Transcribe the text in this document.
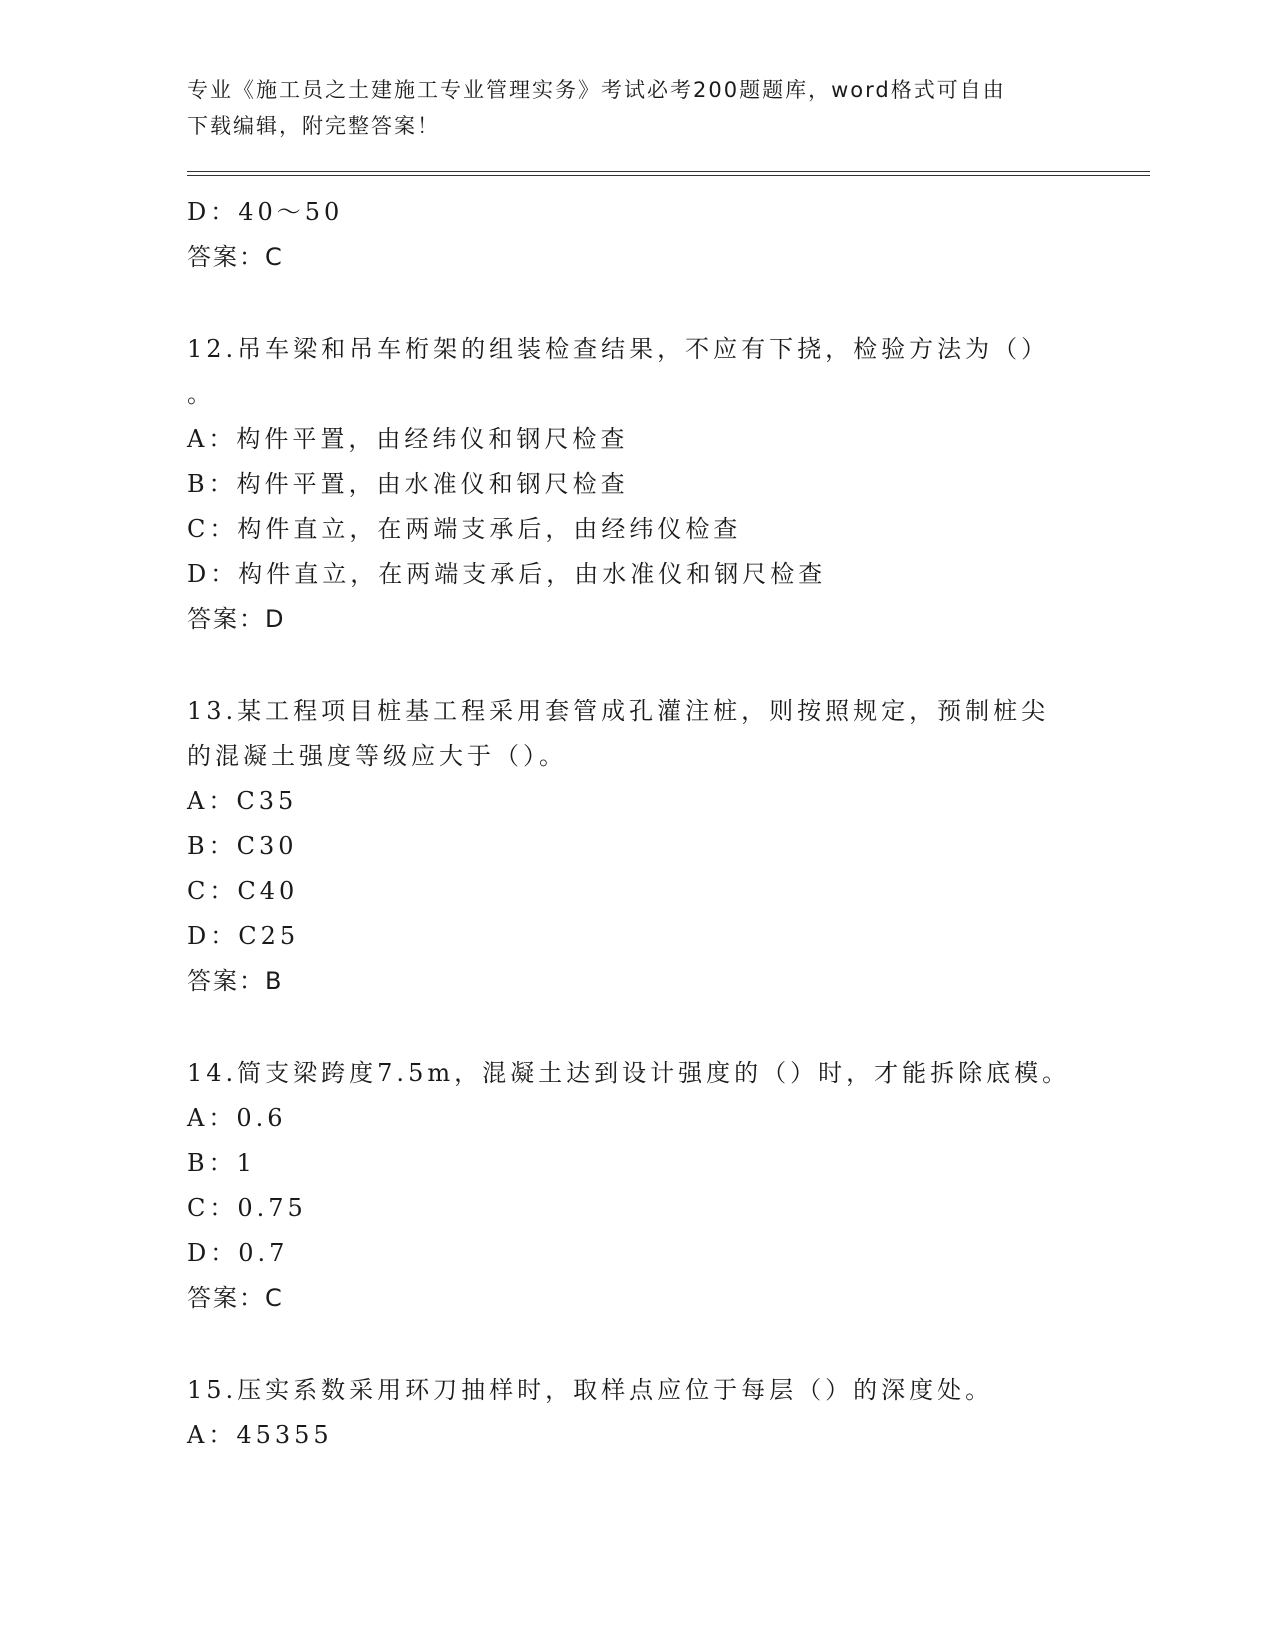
专业《施工员之土建施工专业管理实务》考试必考200题题库，word格式可自由
下载编辑，附完整答案！
D：40～50
答案：C
12.吊车梁和吊车桁架的组装检查结果，不应有下挠，检验方法为（）
。
A：构件平置，由经纬仪和钢尺检查
B：构件平置，由水准仪和钢尺检查
C：构件直立，在两端支承后，由经纬仪检查
D：构件直立，在两端支承后，由水准仪和钢尺检查
答案：D
13.某工程项目桩基工程采用套管成孔灌注桩，则按照规定，预制桩尖
的混凝土强度等级应大于（）。
A：C35
B：C30
C：C40
D：C25
答案：B
14.简支梁跨度7.5m，混凝土达到设计强度的（）时，才能拆除底模。
A：0.6
B：1
C：0.75
D：0.7
答案：C
15.压实系数采用环刀抽样时，取样点应位于每层（）的深度处。
A：45355
